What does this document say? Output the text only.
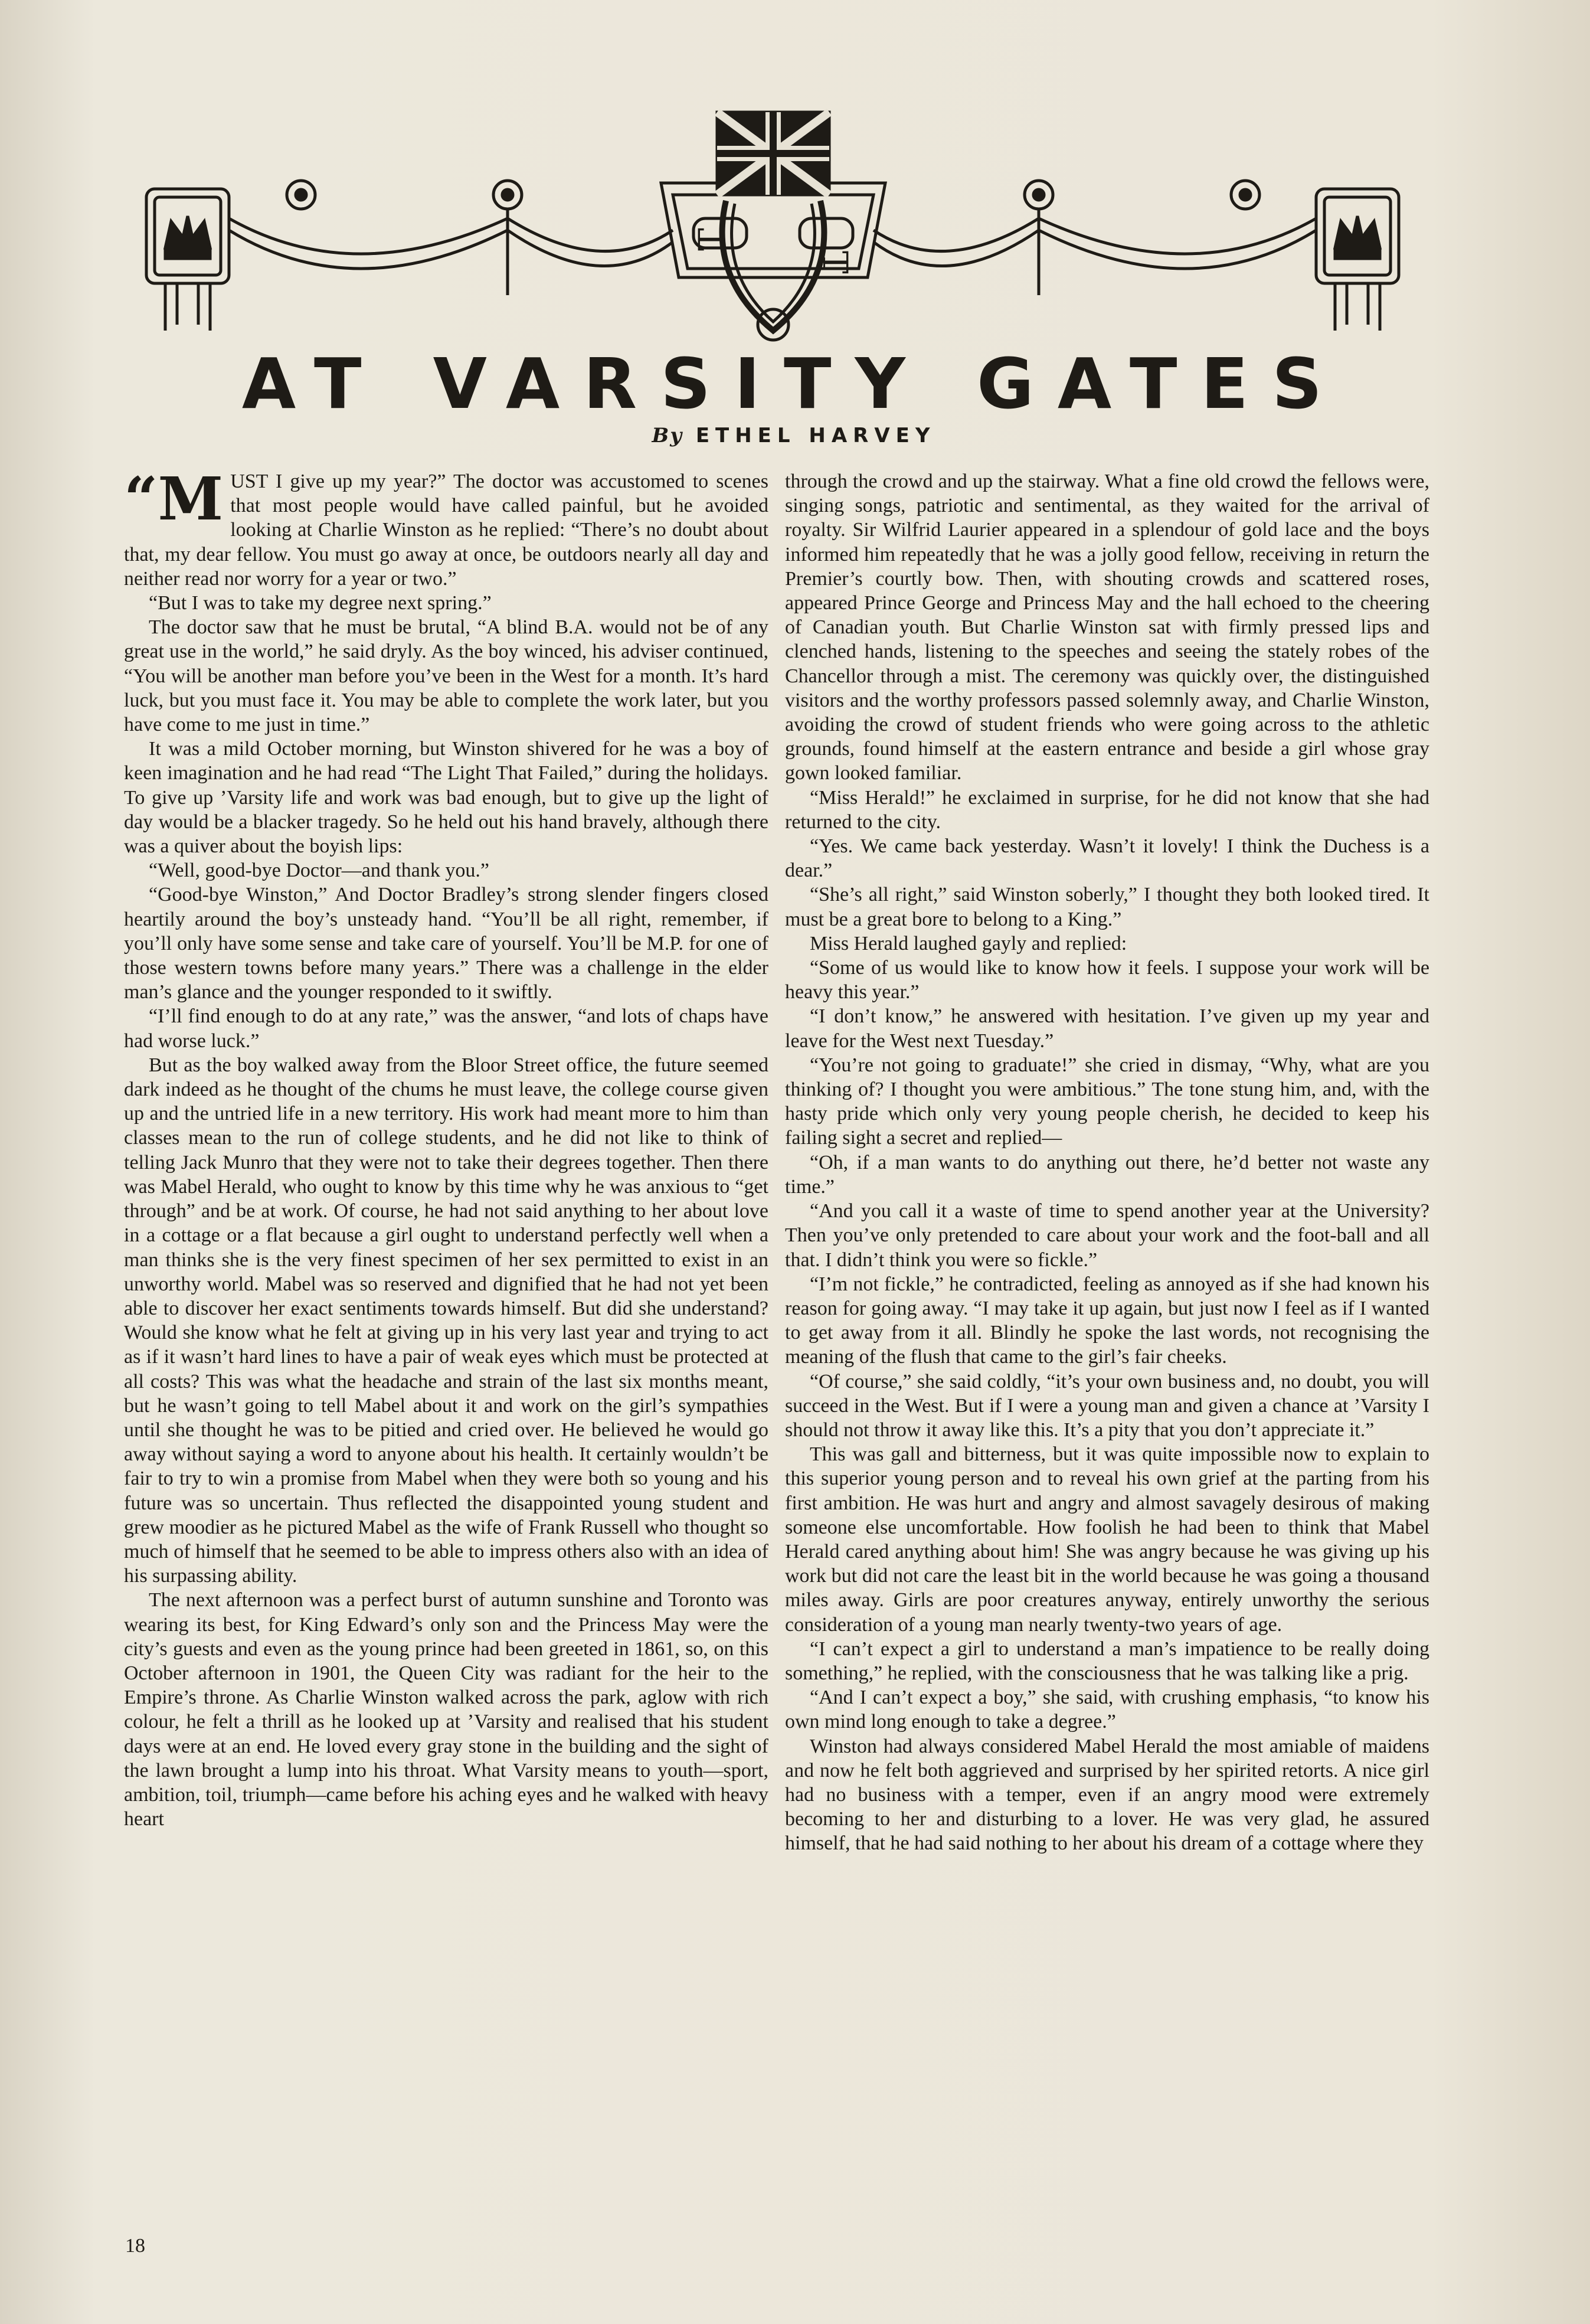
T
T
AT VARSITY GATES
By ETHEL HARVEY
“M UST I give up my year?” The doctor was accustomed to scenes that most people would have called painful, but he avoided looking at Charlie Winston as he replied: “There’s no doubt about that, my dear fellow. You must go away at once, be outdoors nearly all day and neither read nor worry for a year or two.”

“But I was to take my degree next spring.”

The doctor saw that he must be brutal, “A blind B.A. would not be of any great use in the world,” he said dryly. As the boy winced, his adviser continued, “You will be another man before you’ve been in the West for a month. It’s hard luck, but you must face it. You may be able to complete the work later, but you have come to me just in time.”

It was a mild October morning, but Winston shivered for he was a boy of keen imagination and he had read “The Light That Failed,” during the holidays. To give up ’Varsity life and work was bad enough, but to give up the light of day would be a blacker tragedy. So he held out his hand bravely, although there was a quiver about the boyish lips:

“Well, good-bye Doctor—and thank you.”

“Good-bye Winston,” And Doctor Bradley’s strong slender fingers closed heartily around the boy’s unsteady hand. “You’ll be all right, remember, if you’ll only have some sense and take care of yourself. You’ll be M.P. for one of those western towns before many years.” There was a challenge in the elder man’s glance and the younger responded to it swiftly.

“I’ll find enough to do at any rate,” was the answer, “and lots of chaps have had worse luck.”

But as the boy walked away from the Bloor Street office, the future seemed dark indeed as he thought of the chums he must leave, the college course given up and the untried life in a new territory. His work had meant more to him than classes mean to the run of college students, and he did not like to think of telling Jack Munro that they were not to take their degrees together. Then there was Mabel Herald, who ought to know by this time why he was anxious to “get through” and be at work. Of course, he had not said anything to her about love in a cottage or a flat because a girl ought to understand perfectly well when a man thinks she is the very finest specimen of her sex permitted to exist in an unworthy world. Mabel was so reserved and dignified that he had not yet been able to discover her exact sentiments towards himself. But did she understand? Would she know what he felt at giving up in his very last year and trying to act as if it wasn’t hard lines to have a pair of weak eyes which must be protected at all costs? This was what the headache and strain of the last six months meant, but he wasn’t going to tell Mabel about it and work on the girl’s sympathies until she thought he was to be pitied and cried over. He believed he would go away without saying a word to anyone about his health. It certainly wouldn’t be fair to try to win a promise from Mabel when they were both so young and his future was so uncertain. Thus reflected the disappointed young student and grew moodier as he pictured Mabel as the wife of Frank Russell who thought so much of himself that he seemed to be able to impress others also with an idea of his surpassing ability.

The next afternoon was a perfect burst of autumn sunshine and Toronto was wearing its best, for King Edward’s only son and the Princess May were the city’s guests and even as the young prince had been greeted in 1861, so, on this October afternoon in 1901, the Queen City was radiant for the heir to the Empire’s throne. As Charlie Winston walked across the park, aglow with rich colour, he felt a thrill as he looked up at ’Varsity and realised that his student days were at an end. He loved every gray stone in the building and the sight of the lawn brought a lump into his throat. What Varsity means to youth—sport, ambition, toil, triumph—came before his aching eyes and he walked with heavy heart

through the crowd and up the stairway. What a fine old crowd the fellows were, singing songs, patriotic and sentimental, as they waited for the arrival of royalty. Sir Wilfrid Laurier appeared in a splendour of gold lace and the boys informed him repeatedly that he was a jolly good fellow, receiving in return the Premier’s courtly bow. Then, with shouting crowds and scattered roses, appeared Prince George and Princess May and the hall echoed to the cheering of Canadian youth. But Charlie Winston sat with firmly pressed lips and clenched hands, listening to the speeches and seeing the stately robes of the Chancellor through a mist. The ceremony was quickly over, the distinguished visitors and the worthy professors passed solemnly away, and Charlie Winston, avoiding the crowd of student friends who were going across to the athletic grounds, found himself at the eastern entrance and beside a girl whose gray gown looked familiar.

“Miss Herald!” he exclaimed in surprise, for he did not know that she had returned to the city.

“Yes. We came back yesterday. Wasn’t it lovely! I think the Duchess is a dear.”

“She’s all right,” said Winston soberly,” I thought they both looked tired. It must be a great bore to belong to a King.”

Miss Herald laughed gayly and replied:

“Some of us would like to know how it feels. I suppose your work will be heavy this year.”

“I don’t know,” he answered with hesitation. I’ve given up my year and leave for the West next Tuesday.”

“You’re not going to graduate!” she cried in dismay, “Why, what are you thinking of? I thought you were ambitious.” The tone stung him, and, with the hasty pride which only very young people cherish, he decided to keep his failing sight a secret and replied—

“Oh, if a man wants to do anything out there, he’d better not waste any time.”

“And you call it a waste of time to spend another year at the University? Then you’ve only pretended to care about your work and the foot-ball and all that. I didn’t think you were so fickle.”

“I’m not fickle,” he contradicted, feeling as annoyed as if she had known his reason for going away. “I may take it up again, but just now I feel as if I wanted to get away from it all. Blindly he spoke the last words, not recognising the meaning of the flush that came to the girl’s fair cheeks.

“Of course,” she said coldly, “it’s your own business and, no doubt, you will succeed in the West. But if I were a young man and given a chance at ’Varsity I should not throw it away like this. It’s a pity that you don’t appreciate it.”

This was gall and bitterness, but it was quite impossible now to explain to this superior young person and to reveal his own grief at the parting from his first ambition. He was hurt and angry and almost savagely desirous of making someone else uncomfortable. How foolish he had been to think that Mabel Herald cared anything about him! She was angry because he was giving up his work but did not care the least bit in the world because he was going a thousand miles away. Girls are poor creatures anyway, entirely unworthy the serious consideration of a young man nearly twenty-two years of age.

“I can’t expect a girl to understand a man’s impatience to be really doing something,” he replied, with the consciousness that he was talking like a prig.

“And I can’t expect a boy,” she said, with crushing emphasis, “to know his own mind long enough to take a degree.”

Winston had always considered Mabel Herald the most amiable of maidens and now he felt both aggrieved and surprised by her spirited retorts. A nice girl had no business with a temper, even if an angry mood were extremely becoming to her and disturbing to a lover. He was very glad, he assured himself, that he had said nothing to her about his dream of a cottage where they

18
